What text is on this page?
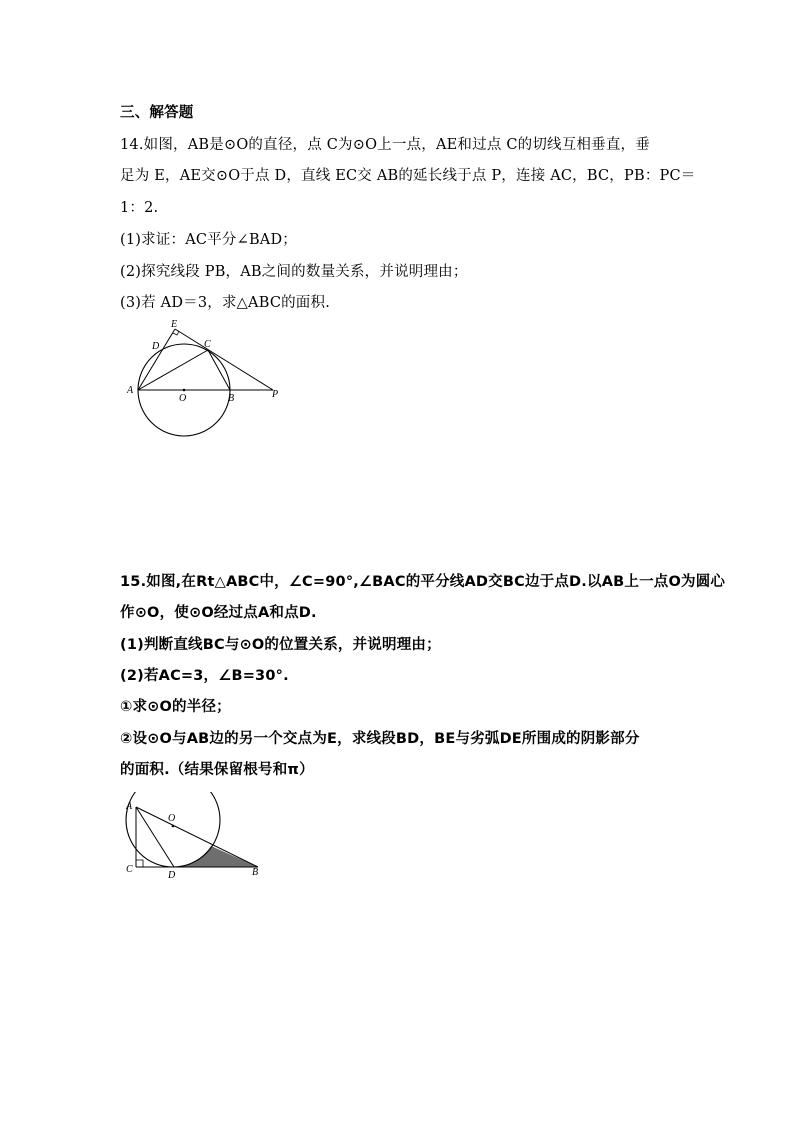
三、解答题
14.如图，AB是⊙O的直径，点 C为⊙O上一点，AE和过点 C的切线互相垂直，垂
足为 E，AE交⊙O于点 D，直线 EC交 AB的延长线于点 P，连接 AC，BC，PB：PC＝
1：2.
(1)求证：AC平分∠BAD；
(2)探究线段 PB，AB之间的数量关系，并说明理由；
(3)若 AD＝3，求△ABC的面积.
E
D	C
A
O	B	P
15.如图,在Rt△ABC中，∠C=90°,∠BAC的平分线AD交BC边于点D.以AB上一点O为圆心
作⊙O，使⊙O经过点A和点D.
(1)判断直线BC与⊙O的位置关系，并说明理由；
(2)若AC=3，∠B=30°.
①求⊙O的半径；
②设⊙O与AB边的另一个交点为E，求线段BD，BE与劣弧DE所围成的阴影部分
的面积.（结果保留根号和π）
A
O
C
D	B
